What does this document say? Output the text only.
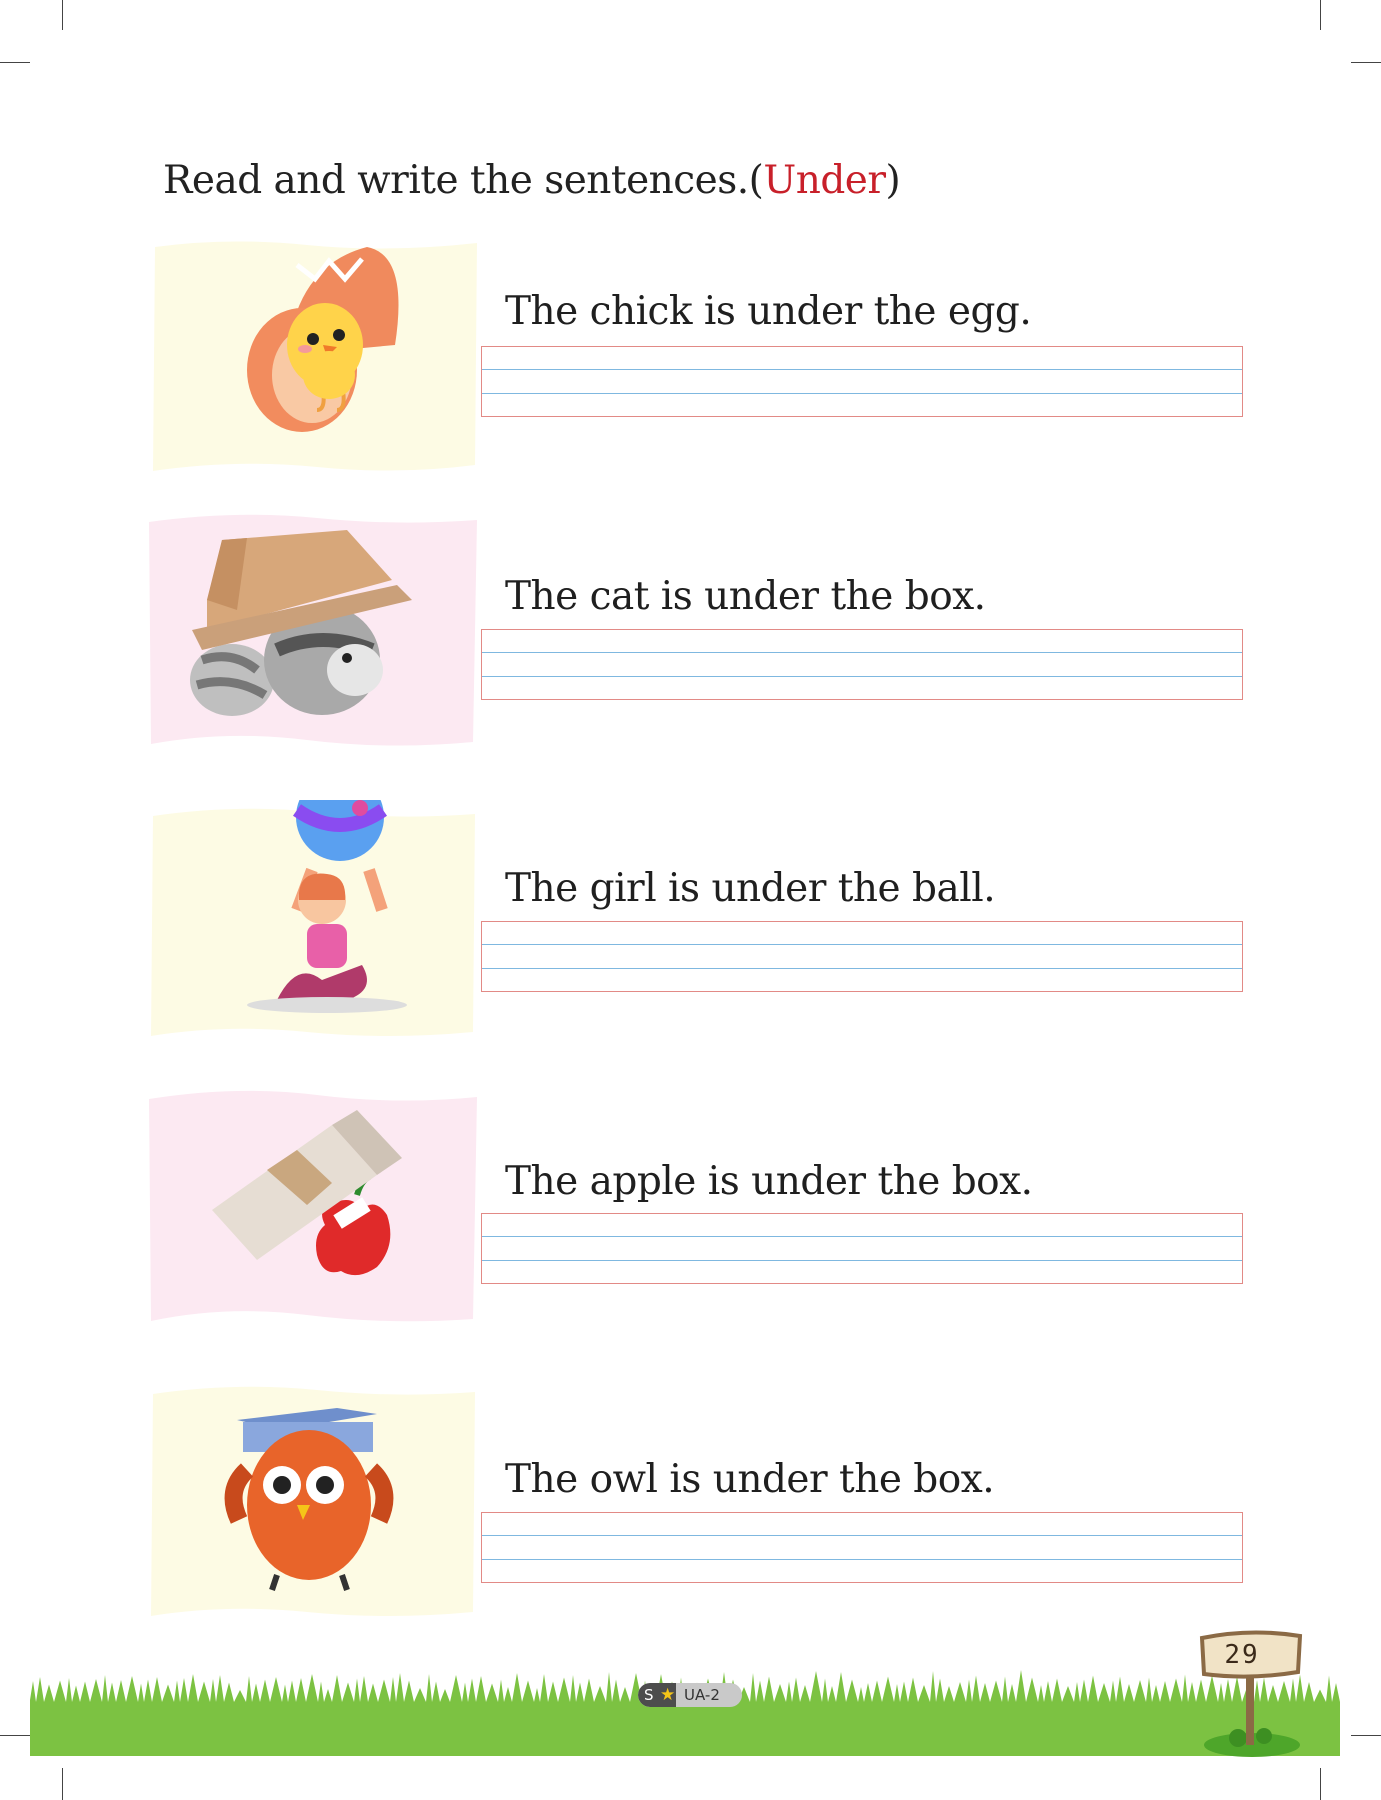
Read and write the sentences.(Under)
The chick is under the egg.
The cat is under the box.
The girl is under the ball.
The apple is under the box.
The owl is under the box.
S ★ UA-2
29
